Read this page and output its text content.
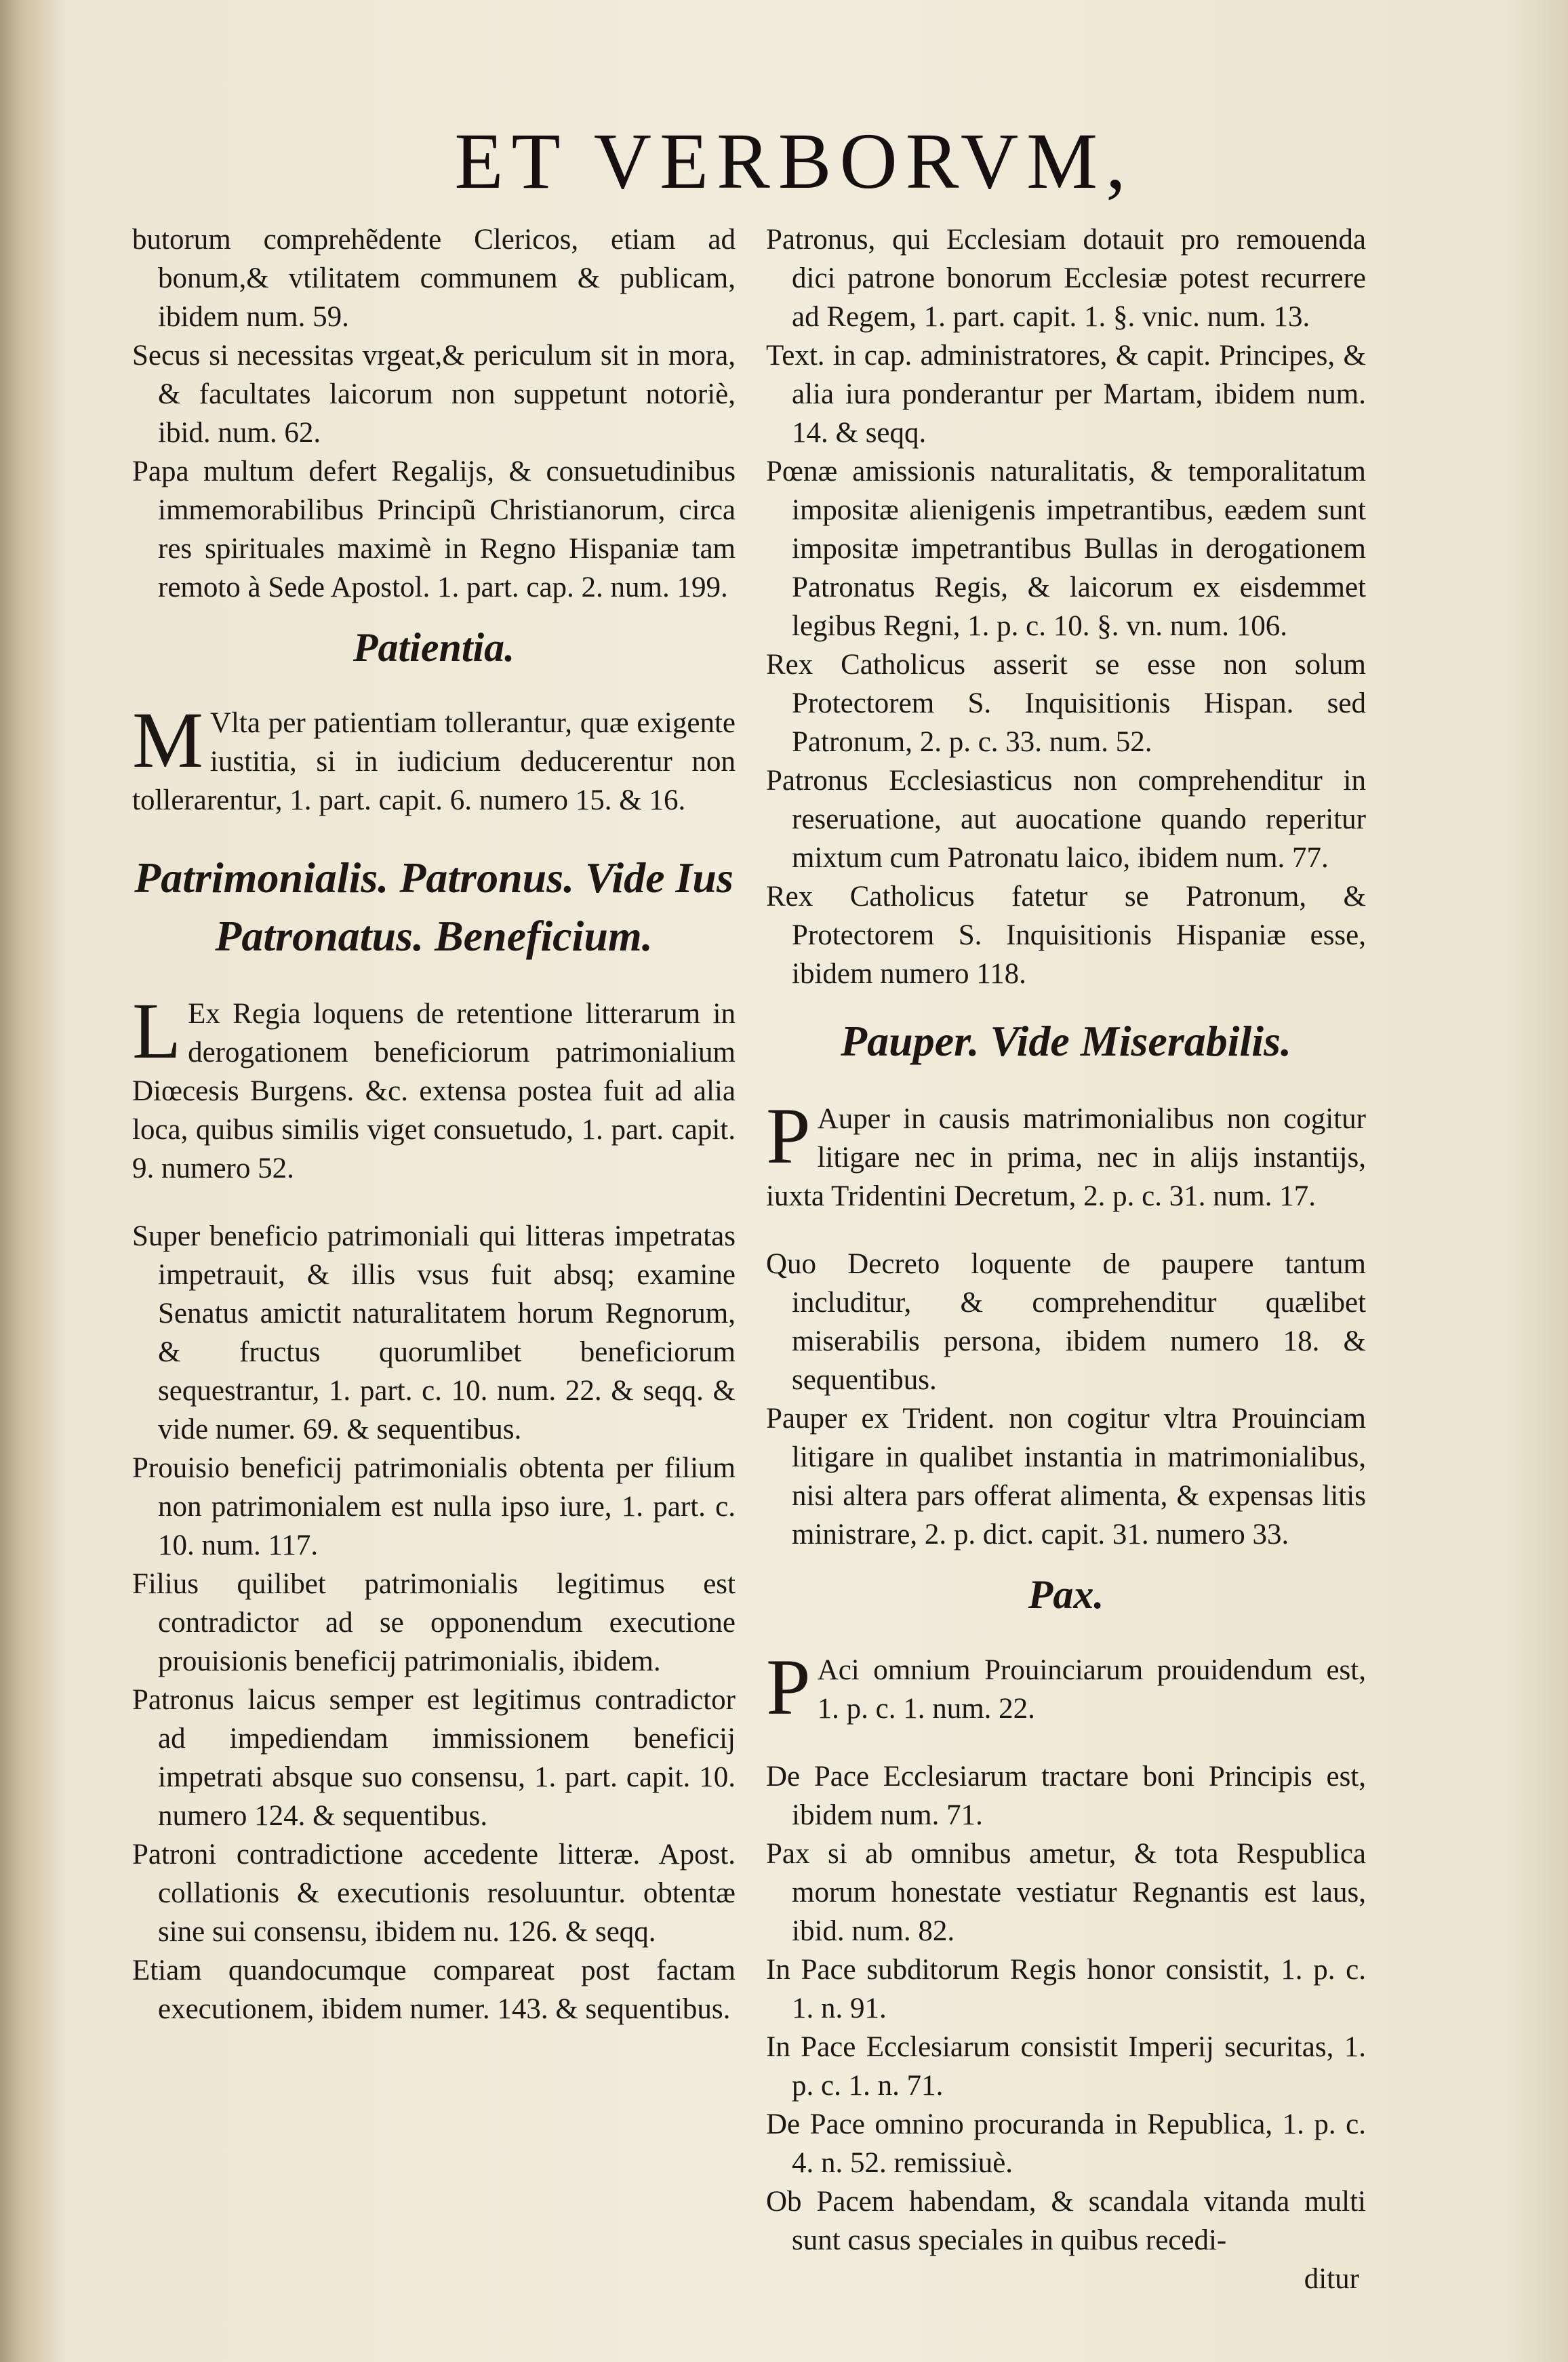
ET VERBORVM,

butorum comprehẽdente Clericos, etiam ad bonum,& vtilitatem communem & publicam, ibidem num. 59.

Secus si necessitas vrgeat,& periculum sit in mora, & facultates laicorum non suppetunt notoriè, ibid. num. 62.

Papa multum defert Regalijs, & consuetudinibus immemorabilibus Principũ Christianorum, circa res spirituales maximè in Regno Hispaniæ tam remoto à Sede Apostol. 1. part. cap. 2. num. 199.

Patientia.

M Vlta per patientiam tollerantur, quæ exigente iustitia, si in iudicium deducerentur non tollerarentur, 1. part. capit. 6. numero 15. & 16.

Patrimonialis. Patronus. Vide Ius Patronatus. Beneficium.

L Ex Regia loquens de retentione litterarum in derogationem beneficiorum patrimonialium Diœcesis Burgens. &c. extensa postea fuit ad alia loca, quibus similis viget consuetudo, 1. part. capit. 9. numero 52.

Super beneficio patrimoniali qui litteras impetratas impetrauit, & illis vsus fuit absq; examine Senatus amictit naturalitatem horum Regnorum, & fructus quorumlibet beneficiorum sequestrantur, 1. part. c. 10. num. 22. & seqq. & vide numer. 69. & sequentibus.

Prouisio beneficij patrimonialis obtenta per filium non patrimonialem est nulla ipso iure, 1. part. c. 10. num. 117.

Filius quilibet patrimonialis legitimus est contradictor ad se opponendum executione prouisionis beneficij patrimonialis, ibidem.

Patronus laicus semper est legitimus contradictor ad impediendam immissionem beneficij impetrati absque suo consensu, 1. part. capit. 10. numero 124. & sequentibus.

Patroni contradictione accedente litteræ. Apost. collationis & executionis resoluuntur. obtentæ sine sui consensu, ibidem nu. 126. & seqq.

Etiam quandocumque compareat post factam executionem, ibidem numer. 143. & sequentibus.

Patronus, qui Ecclesiam dotauit pro remouenda dici patrone bonorum Ecclesiæ potest recurrere ad Regem, 1. part. capit. 1. §. vnic. num. 13.

Text. in cap. administratores, & capit. Principes, & alia iura ponderantur per Martam, ibidem num. 14. & seqq.

Pœnæ amissionis naturalitatis, & temporalitatum impositæ alienigenis impetrantibus, eædem sunt impositæ impetrantibus Bullas in derogationem Patronatus Regis, & laicorum ex eisdemmet legibus Regni, 1. p. c. 10. §. vn. num. 106.

Rex Catholicus asserit se esse non solum Protectorem S. Inquisitionis Hispan. sed Patronum, 2. p. c. 33. num. 52.

Patronus Ecclesiasticus non comprehenditur in reseruatione, aut auocatione quando reperitur mixtum cum Patronatu laico, ibidem num. 77.

Rex Catholicus fatetur se Patronum, & Protectorem S. Inquisitionis Hispaniæ esse, ibidem numero 118.

Pauper. Vide Miserabilis.

P Auper in causis matrimonialibus non cogitur litigare nec in prima, nec in alijs instantijs, iuxta Tridentini Decretum, 2. p. c. 31. num. 17.

Quo Decreto loquente de paupere tantum includitur, & comprehenditur quælibet miserabilis persona, ibidem numero 18. & sequentibus.

Pauper ex Trident. non cogitur vltra Prouinciam litigare in qualibet instantia in matrimonialibus, nisi altera pars offerat alimenta, & expensas litis ministrare, 2. p. dict. capit. 31. numero 33.

Pax.

P Aci omnium Prouinciarum prouidendum est, 1. p. c. 1. num. 22.

De Pace Ecclesiarum tractare boni Principis est, ibidem num. 71.

Pax si ab omnibus ametur, & tota Respublica morum honestate vestiatur Regnantis est laus, ibid. num. 82.

In Pace subditorum Regis honor consistit, 1. p. c. 1. n. 91.

In Pace Ecclesiarum consistit Imperij securitas, 1. p. c. 1. n. 71.

De Pace omnino procuranda in Republica, 1. p. c. 4. n. 52. remissiuè.

Ob Pacem habendam, & scandala vitanda multi sunt casus speciales in quibus recedi-

ditur
